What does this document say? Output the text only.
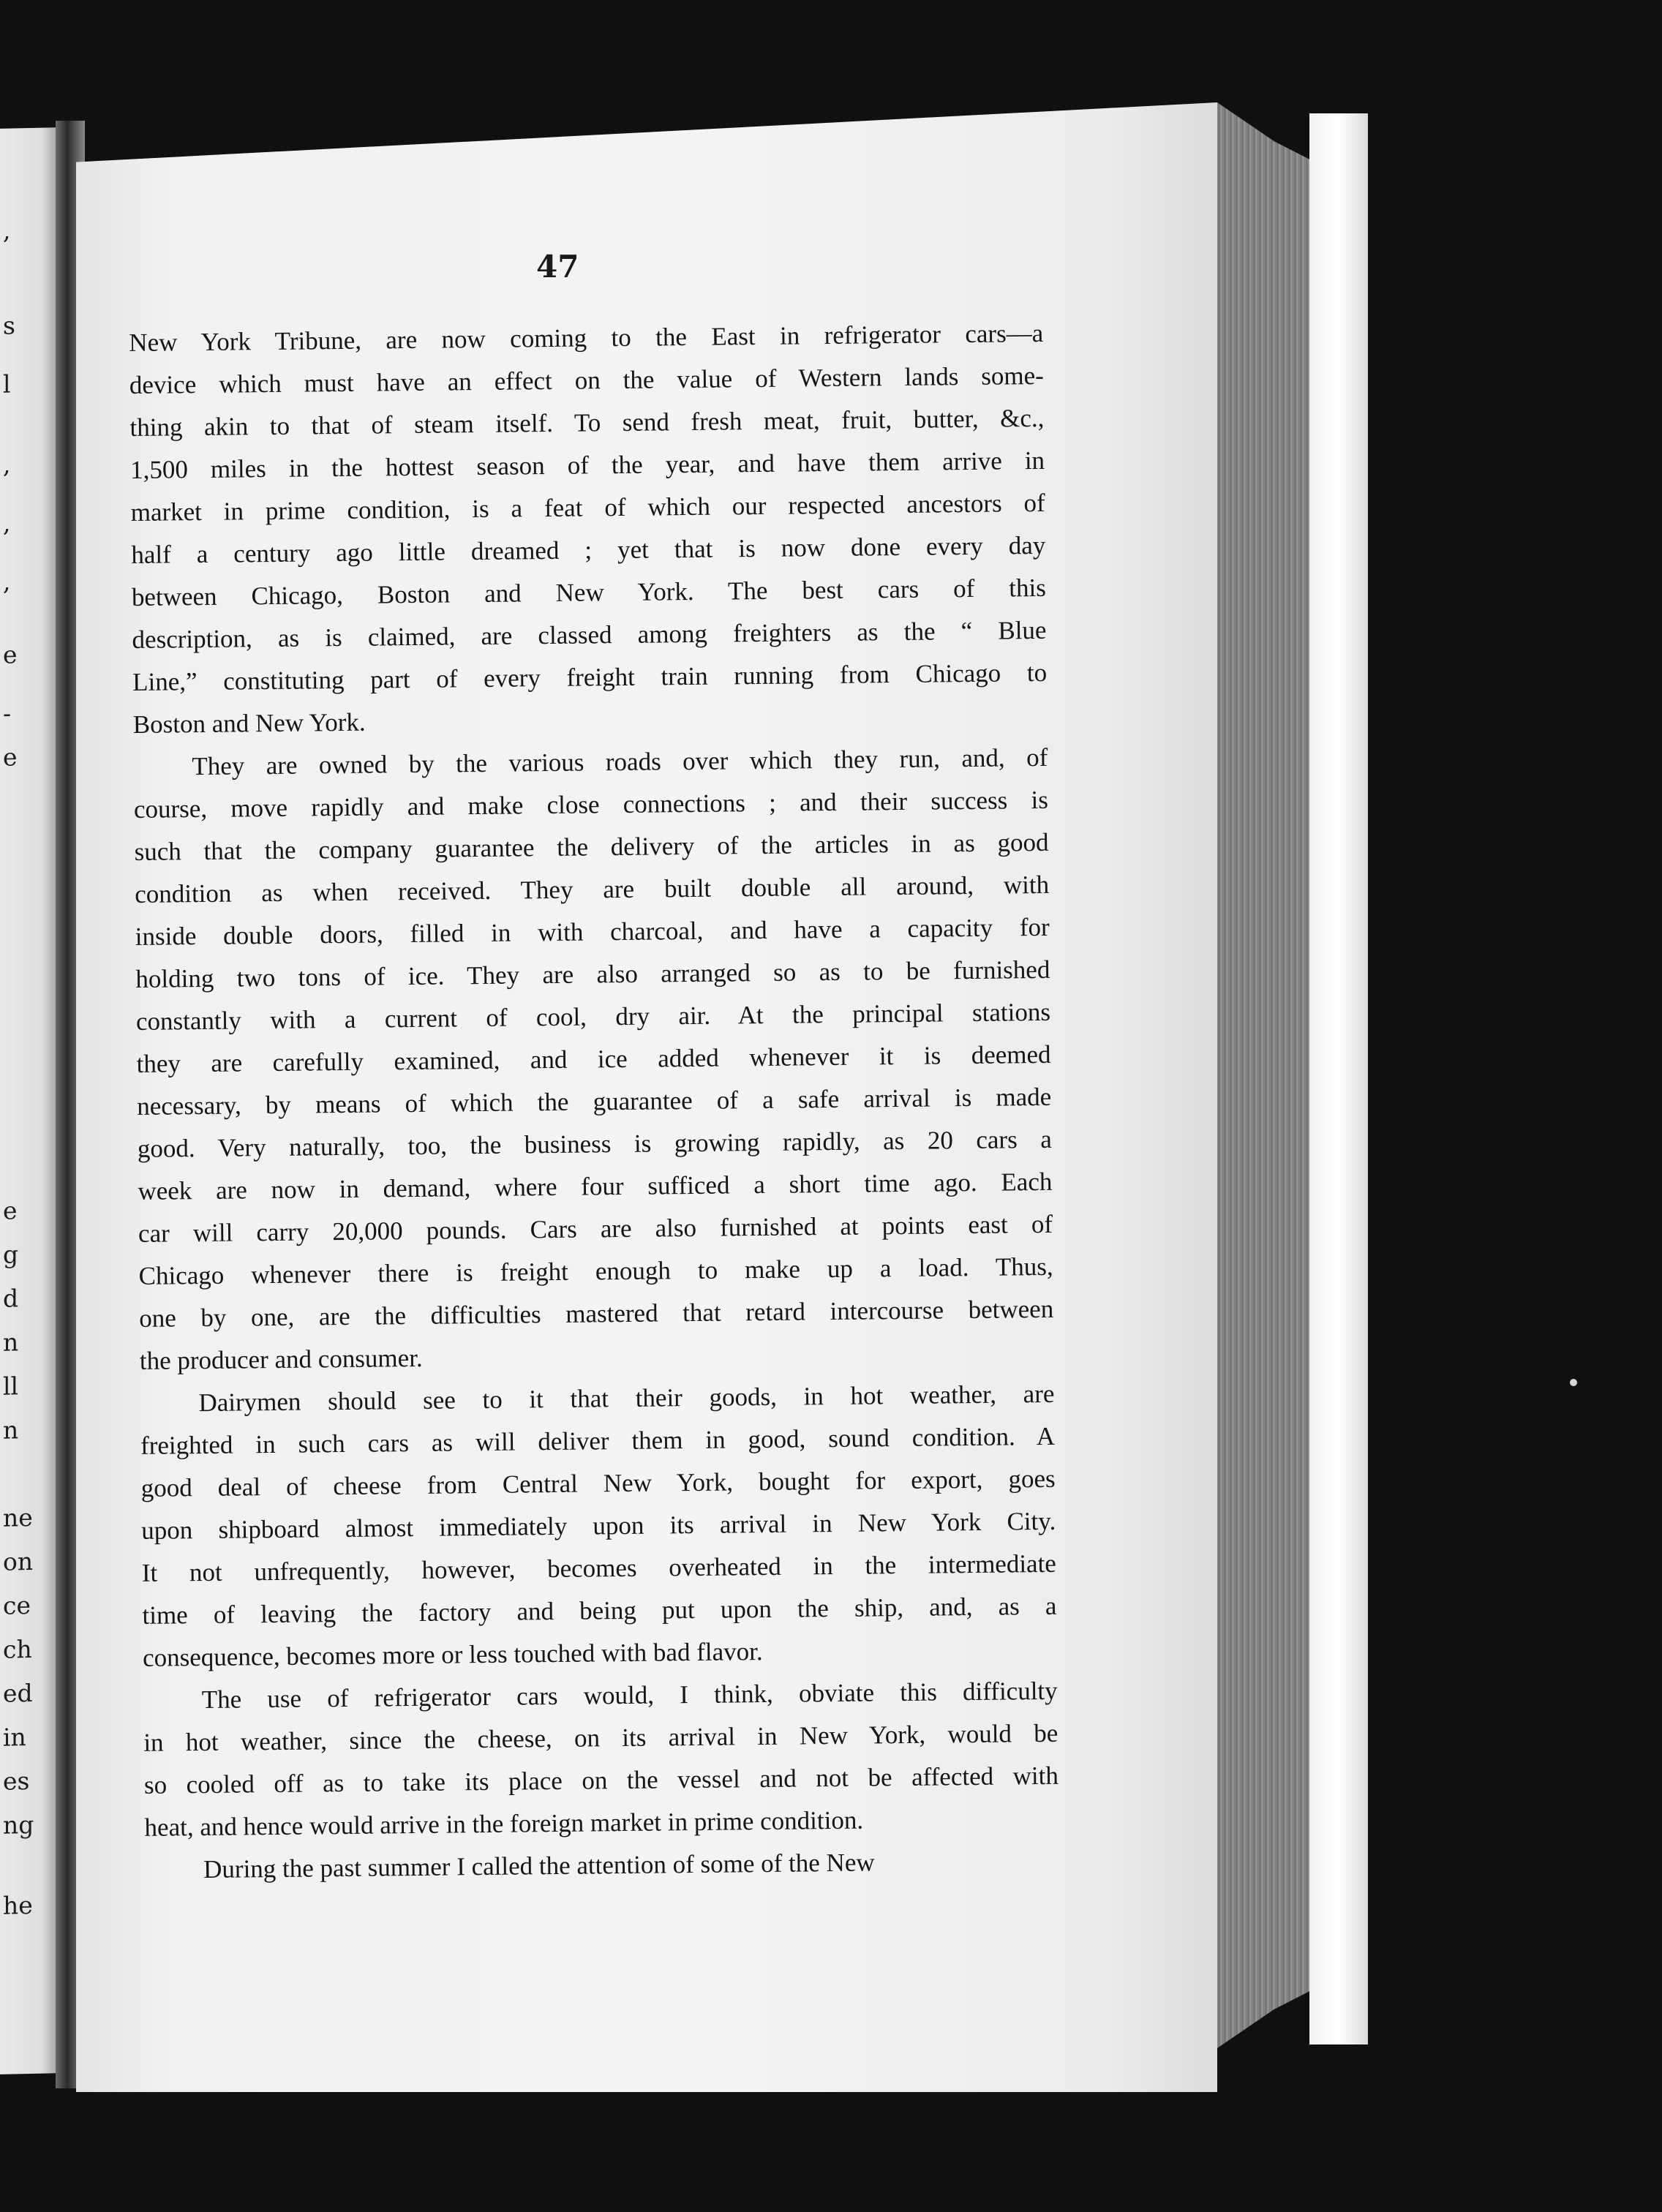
,
s
l
,
,
,
e
-
e
e
g
d
n
ll
n
ne
on
ce
ch
ed
in
es
ng
he
47
New York Tribune, are now coming to the East in refrigerator cars—a
device which must have an effect on the value of Western lands some-
thing akin to that of steam itself. To send fresh meat, fruit, butter, &c.,
1,500 miles in the hottest season of the year, and have them arrive in
market in prime condition, is a feat of which our respected ancestors of
half a century ago little dreamed ; yet that is now done every day
between Chicago, Boston and New York. The best cars of this
description, as is claimed, are classed among freighters as the “ Blue
Line,” constituting part of every freight train running from Chicago to
Boston and New York.
They are owned by the various roads over which they run, and, of
course, move rapidly and make close connections ; and their success is
such that the company guarantee the delivery of the articles in as good
condition as when received. They are built double all around, with
inside double doors, filled in with charcoal, and have a capacity for
holding two tons of ice. They are also arranged so as to be furnished
constantly with a current of cool, dry air. At the principal stations
they are carefully examined, and ice added whenever it is deemed
necessary, by means of which the guarantee of a safe arrival is made
good. Very naturally, too, the business is growing rapidly, as 20 cars a
week are now in demand, where four sufficed a short time ago. Each
car will carry 20,000 pounds. Cars are also furnished at points east of
Chicago whenever there is freight enough to make up a load. Thus,
one by one, are the difficulties mastered that retard intercourse between
the producer and consumer.
Dairymen should see to it that their goods, in hot weather, are
freighted in such cars as will deliver them in good, sound condition. A
good deal of cheese from Central New York, bought for export, goes
upon shipboard almost immediately upon its arrival in New York City.
It not unfrequently, however, becomes overheated in the intermediate
time of leaving the factory and being put upon the ship, and, as a
consequence, becomes more or less touched with bad flavor.
The use of refrigerator cars would, I think, obviate this difficulty
in hot weather, since the cheese, on its arrival in New York, would be
so cooled off as to take its place on the vessel and not be affected with
heat, and hence would arrive in the foreign market in prime condition.
During the past summer I called the attention of some of the New
